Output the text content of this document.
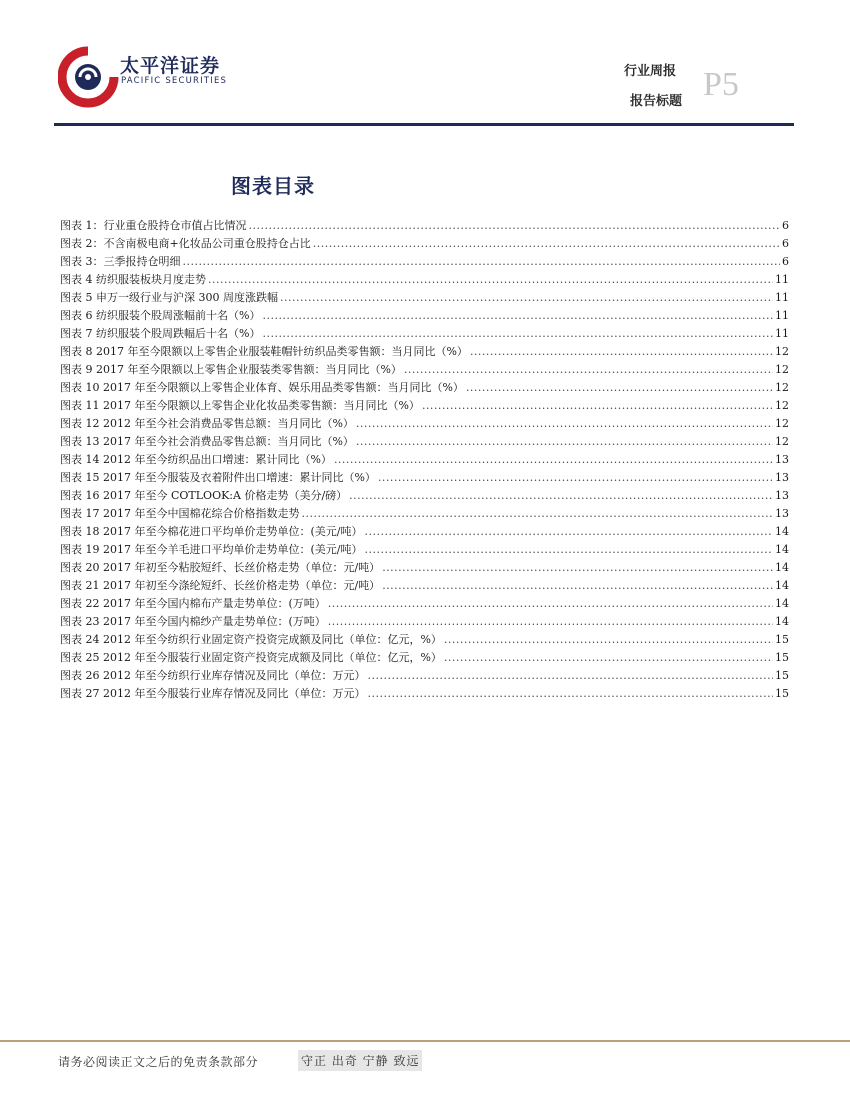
太平洋证券
PACIFIC SECURITIES
行业周报
报告标题 P5
图表目录
图表 1：行业重仓股持仓市值占比情况 .....	6
图表 2：不含南极电商+化妆品公司重仓股持仓占比 .....	6
图表 3：三季报持仓明细 .....	6
图表 4 纺织服装板块月度走势 .....	11
图表 5 申万一级行业与沪深 300 周度涨跌幅 .....	11
图表 6 纺织服装个股周涨幅前十名（%） .....	11
图表 7 纺织服装个股周跌幅后十名（%） .....	11
图表 8 2017 年至今限额以上零售企业服装鞋帽针纺织品类零售额：当月同比（%） .....	12
图表 9 2017 年至今限额以上零售企业服装类零售额：当月同比（%） .....	12
图表 10 2017 年至今限额以上零售企业体育、娱乐用品类零售额：当月同比（%） .....	12
图表 11 2017 年至今限额以上零售企业化妆品类零售额：当月同比（%） .....	12
图表 12 2012 年至今社会消费品零售总额：当月同比（%） .....	12
图表 13 2017 年至今社会消费品零售总额：当月同比（%） .....	12
图表 14 2012 年至今纺织品出口增速：累计同比（%） .....	13
图表 15 2017 年至今服装及衣着附件出口增速：累计同比（%） .....	13
图表 16 2017 年至今 COTLOOK:A 价格走势（美分/磅） .....	13
图表 17 2017 年至今中国棉花综合价格指数走势 .....	13
图表 18 2017 年至今棉花进口平均单价走势单位：(美元/吨） .....	14
图表 19 2017 年至今羊毛进口平均单价走势单位：(美元/吨） .....	14
图表 20 2017 年初至今粘胶短纤、长丝价格走势（单位：元/吨） .....	14
图表 21 2017 年初至今涤纶短纤、长丝价格走势（单位：元/吨） .....	14
图表 22 2017 年至今国内棉布产量走势单位：(万吨） .....	14
图表 23 2017 年至今国内棉纱产量走势单位：(万吨） .....	14
图表 24 2012 年至今纺织行业固定资产投资完成额及同比（单位：亿元，%） .....	15
图表 25 2012 年至今服装行业固定资产投资完成额及同比（单位：亿元，%） .....	15
图表 26 2012 年至今纺织行业库存情况及同比（单位：万元） .....	15
图表 27 2012 年至今服装行业库存情况及同比（单位：万元） .....	15
请务必阅读正文之后的免责条款部分	守正 出奇 宁静 致远
